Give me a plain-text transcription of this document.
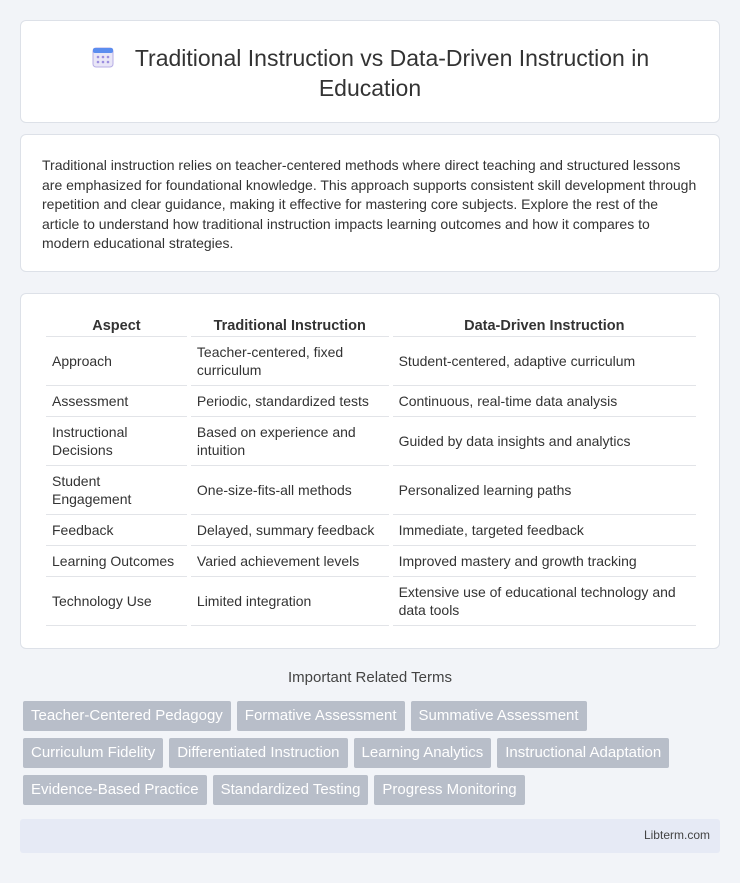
Traditional Instruction vs Data-Driven Instruction in Education

Traditional instruction relies on teacher-centered methods where direct teaching and structured lessons are emphasized for foundational knowledge. This approach supports consistent skill development through repetition and clear guidance, making it effective for mastering core subjects. Explore the rest of the article to understand how traditional instruction impacts learning outcomes and how it compares to modern educational strategies.

Aspect	Traditional Instruction	Data-Driven Instruction
Approach	Teacher-centered, fixed curriculum	Student-centered, adaptive curriculum
Assessment	Periodic, standardized tests	Continuous, real-time data analysis
Instructional Decisions	Based on experience and intuition	Guided by data insights and analytics
Student Engagement	One-size-fits-all methods	Personalized learning paths
Feedback	Delayed, summary feedback	Immediate, targeted feedback
Learning Outcomes	Varied achievement levels	Improved mastery and growth tracking
Technology Use	Limited integration	Extensive use of educational technology and data tools
Important Related Terms
Teacher-Centered Pedagogy	Formative Assessment	Summative Assessment
Curriculum Fidelity	Differentiated Instruction	Learning Analytics	Instructional Adaptation
Evidence-Based Practice	Standardized Testing	Progress Monitoring
Libterm.com
